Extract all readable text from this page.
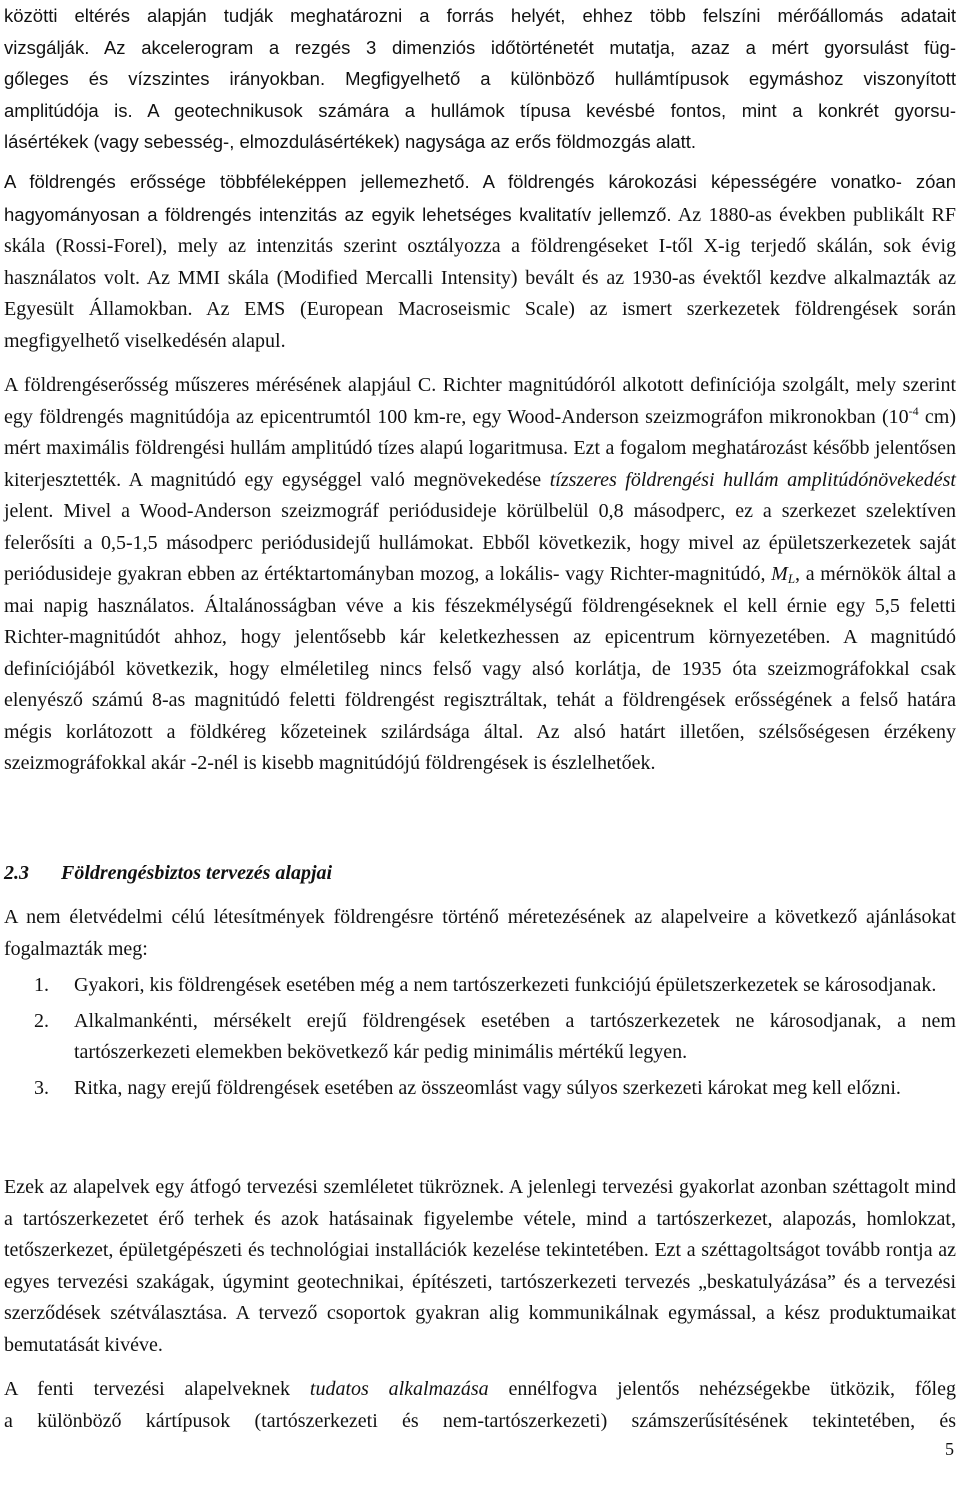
közötti eltérés alapján tudják meghatározni a forrás helyét, ehhez több felszíni mérőállomás adatait
vizsgálják. Az akcelerogram a rezgés 3 dimenziós időtörténetét mutatja, azaz a mért gyorsulást füg-
gőleges és vízszintes irányokban. Megfigyelhető a különböző hullámtípusok egymáshoz viszonyított
amplitúdója is. A geotechnikusok számára a hullámok típusa kevésbé fontos, mint a konkrét gyorsu-
lásértékek (vagy sebesség-, elmozdulásértékek) nagysága az erős földmozgás alatt.
A földrengés erőssége többféleképpen jellemezhető. A földrengés károkozási képességére vonatko- zóan hagyományosan a földrengés intenzitás az egyik lehetséges kvalitatív jellemző. Az 1880-as években publikált RF skála (Rossi-Forel), mely az intenzitás szerint osztályozza a földrengéseket I-től X-ig terjedő skálán, sok évig használatos volt. Az MMI skála (Modified Mercalli Intensity) bevált és az 1930-as évektől kezdve alkalmazták az Egyesült Államokban. Az EMS (European Macroseismic Scale) az ismert szerkezetek földrengések során megfigyelhető viselkedésén alapul.

A földrengéserősség műszeres mérésének alapjául C. Richter magnitúdóról alkotott definíciója szolgált, mely szerint egy földrengés magnitúdója az epicentrumtól 100 km-re, egy Wood-Anderson szeizmográfon mikronokban ($10^{-4}$ cm) mért maximális földrengési hullám amplitúdó tízes alapú logaritmusa. Ezt a fogalom meghatározást később jelentősen kiterjesztették. A magnitúdó egy egységgel való megnövekedése tízszeres földrengési hullám amplitúdónövekedést jelent. Mivel a Wood-Anderson szeizmográf periódusideje körülbelül 0,8 másodperc, ez a szerkezet szelektíven felerősíti a 0,5-1,5 másodperc periódusidejű hullámokat. Ebből következik, hogy mivel az épületszerkezetek saját periódusideje gyakran ebben az értéktartományban mozog, a lokális- vagy Richter-magnitúdó, $M_L$, a mérnökök által a mai napig használatos. Általánosságban véve a kis fészekmélységű földrengéseknek el kell érnie egy 5,5 feletti Richter-magnitúdót ahhoz, hogy jelentősebb kár keletkezhessen az epicentrum környezetében. A magnitúdó definíciójából következik, hogy elméletileg nincs felső vagy alsó korlátja, de 1935 óta szeizmográfokkal csak elenyésző számú 8-as magnitúdó feletti földrengést regisztráltak, tehát a földrengések erősségének a felső határa mégis korlátozott a földkéreg kőzeteinek szilárdsága által. Az alsó határt illetően, szélsőségesen érzékeny szeizmográfokkal akár -2-nél is kisebb magnitúdójú földrengések is észlelhetőek.

2.3 Földrengésbiztos tervezés alapjai

A nem életvédelmi célú létesítmények földrengésre történő méretezésének az alapelveire a következő ajánlásokat fogalmazták meg:

1. Gyakori, kis földrengések esetében még a nem tartószerkezeti funkciójú épületszerkezetek se károsodjanak.
2. Alkalmankénti, mérsékelt erejű földrengések esetében a tartószerkezetek ne károsodjanak, a nem tartószerkezeti elemekben bekövetkező kár pedig minimális mértékű legyen.
3. Ritka, nagy erejű földrengések esetében az összeomlást vagy súlyos szerkezeti károkat meg kell előzni.

Ezek az alapelvek egy átfogó tervezési szemléletet tükröznek. A jelenlegi tervezési gyakorlat azonban széttagolt mind a tartószerkezetet érő terhek és azok hatásainak figyelembe vétele, mind a tartószerkezet, alapozás, homlokzat, tetőszerkezet, épületgépészeti és technológiai installációk kezelése tekintetében. Ezt a széttagoltságot tovább rontja az egyes tervezési szakágak, úgymint geotechnikai, építészeti, tartószerkezeti tervezés „beskatulyázása” és a tervezési szerződések szétválasztása. A tervező csoportok gyakran alig kommunikálnak egymással, a kész produktumaikat bemutatását kivéve.

A fenti tervezési alapelveknek tudatos alkalmazása ennélfogva jelentős nehézségekbe ütközik, főleg
a különböző kártípusok (tartószerkezeti és nem-tartószerkezeti) számszerűsítésének tekintetében, és
5
